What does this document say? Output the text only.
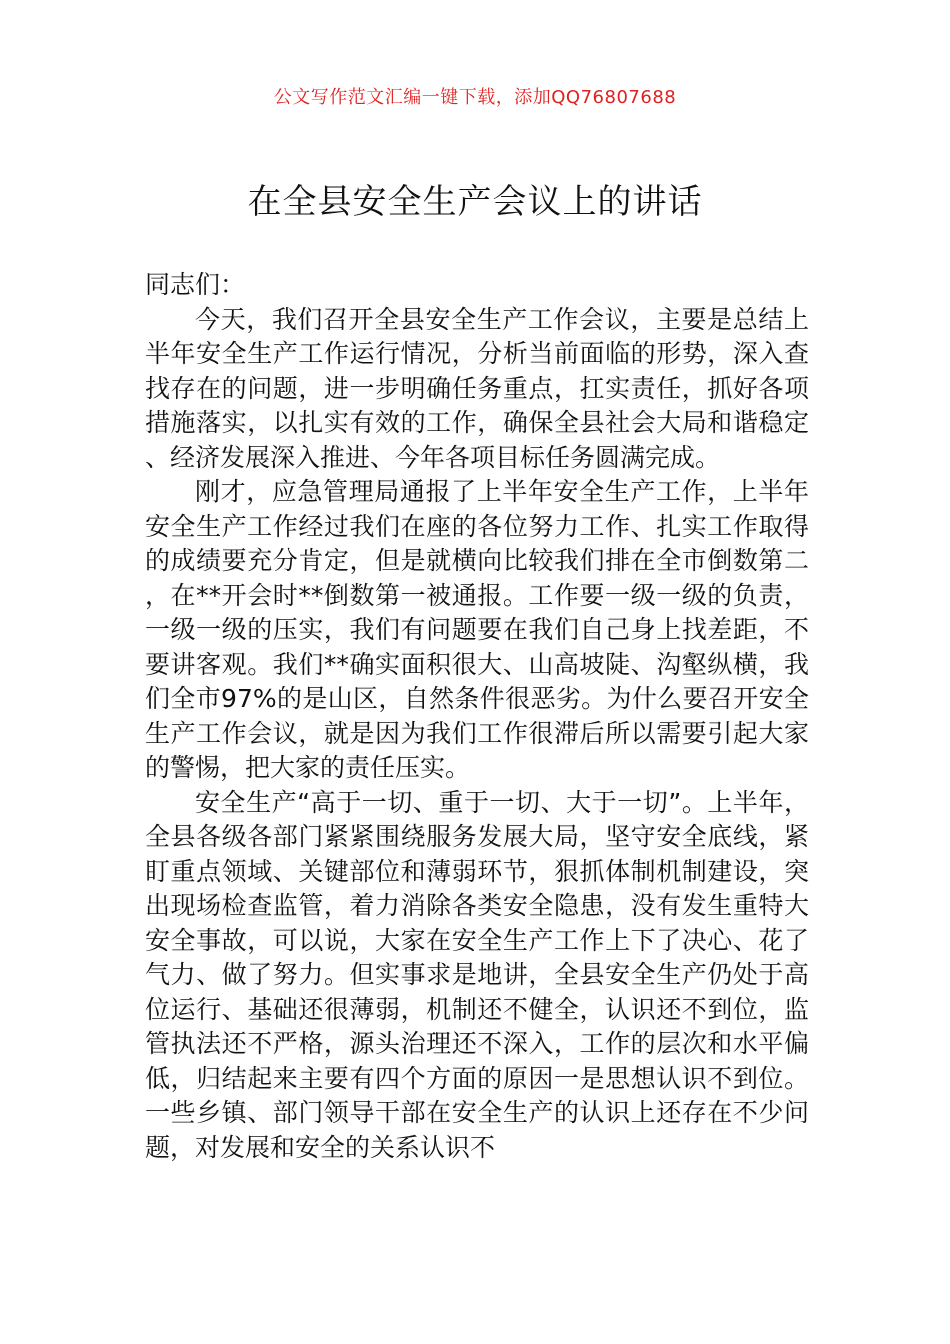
公文写作范文汇编一键下载，添加QQ76807688
在全县安全生产会议上的讲话

同志们：

今天，我们召开全县安全生产工作会议，主要是总结上半年安全生产工作运行情况，分析当前面临的形势，深入查找存在的问题，进一步明确任务重点，扛实责任，抓好各项措施落实，以扎实有效的工作，确保全县社会大局和谐稳定、经济发展深入推进、今年各项目标任务圆满完成。

刚才，应急管理局通报了上半年安全生产工作，上半年安全生产工作经过我们在座的各位努力工作、扎实工作取得的成绩要充分肯定，但是就横向比较我们排在全市倒数第二，在**开会时**倒数第一被通报。工作要一级一级的负责，一级一级的压实，我们有问题要在我们自己身上找差距，不要讲客观。我们**确实面积很大、山高坡陡、沟壑纵横，我们全市97%的是山区，自然条件很恶劣。为什么要召开安全生产工作会议，就是因为我们工作很滞后所以需要引起大家的警惕，把大家的责任压实。

安全生产“高于一切、重于一切、大于一切”。上半年，全县各级各部门紧紧围绕服务发展大局，坚守安全底线，紧盯重点领域、关键部位和薄弱环节，狠抓体制机制建设，突出现场检查监管，着力消除各类安全隐患，没有发生重特大安全事故，可以说，大家在安全生产工作上下了决心、花了气力、做了努力。但实事求是地讲，全县安全生产仍处于高位运行、基础还很薄弱，机制还不健全，认识还不到位，监管执法还不严格，源头治理还不深入，工作的层次和水平偏低，归结起来主要有四个方面的原因一是思想认识不到位。一些乡镇、部门领导干部在安全生产的认识上还存在不少问题，对发展和安全的关系认识不
